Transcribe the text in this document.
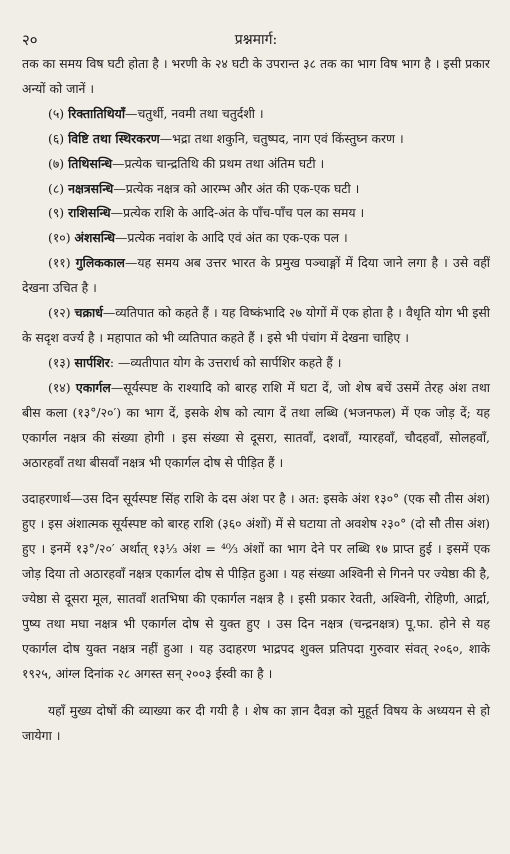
२०	प्रश्नमार्ग:

तक का समय विष घटी होता है । भरणी के २४ घटी के उपरान्त ३८ तक का भाग विष भाग है । इसी प्रकार अन्यों को जानें ।

(५) रिक्तातिथियाँ—चतुर्थी, नवमी तथा चतुर्दशी ।

(६) विष्टि तथा स्थिरकरण—भद्रा तथा शकुनि, चतुष्पद, नाग एवं किंस्तुघ्न करण ।

(७) तिथिसन्धि—प्रत्येक चान्द्रतिथि की प्रथम तथा अंतिम घटी ।

(८) नक्षत्रसन्धि—प्रत्येक नक्षत्र को आरम्भ और अंत की एक-एक घटी ।

(९) राशिसन्धि—प्रत्येक राशि के आदि-अंत के पाँच-पाँच पल का समय ।

(१०) अंशसन्धि—प्रत्येक नवांश के आदि एवं अंत का एक-एक पल ।

(११) गुलिककाल—यह समय अब उत्तर भारत के प्रमुख पञ्चाङ्गों में दिया जाने लगा है । उसे वहीं देखना उचित है ।

(१२) चक्रार्ध—व्यतिपात को कहते हैं । यह विष्कंभादि २७ योगों में एक होता है । वैधृति योग भी इसी के सदृश वर्ज्य है । महापात को भी व्यतिपात कहते हैं । इसे भी पंचांग में देखना चाहिए ।

(१३) सार्पशिर: —व्यतीपात योग के उत्तरार्ध को सार्पशिर कहते हैं ।

(१४) एकार्गल—सूर्यस्पष्ट के राश्यादि को बारह राशि में घटा दें, जो शेष बचें उसमें तेरह अंश तथा बीस कला (१३°/२०′) का भाग दें, इसके शेष को त्याग दें तथा लब्धि (भजनफल) में एक जोड़ दें; यह एकार्गल नक्षत्र की संख्या होगी । इस संख्या से दूसरा, सातवाँ, दशवाँ, ग्यारहवाँ, चौदहवाँ, सोलहवाँ, अठारहवाँ तथा बीसवाँ नक्षत्र भी एकार्गल दोष से पीड़ित हैं ।

उदाहरणार्थ—उस दिन सूर्यस्पष्ट सिंह राशि के दस अंश पर है । अत: इसके अंश १३०° (एक सौ तीस अंश) हुए । इस अंशात्मक सूर्यस्पष्ट को बारह राशि (३६० अंशों) में से घटाया तो अवशेष २३०° (दो सौ तीस अंश) हुए । इनमें १३°/२०′ अर्थात् १३⅓ अंश = ⁴⁰⁄₃ अंशों का भाग देने पर लब्धि १७ प्राप्त हुई । इसमें एक जोड़ दिया तो अठारहवाँ नक्षत्र एकार्गल दोष से पीड़ित हुआ । यह संख्या अश्विनी से गिनने पर ज्येष्ठा की है, ज्येष्ठा से दूसरा मूल, सातवाँ शतभिषा की एकार्गल नक्षत्र है । इसी प्रकार रेवती, अश्विनी, रोहिणी, आर्द्रा, पुष्य तथा मघा नक्षत्र भी एकार्गल दोष से युक्त हुए । उस दिन नक्षत्र (चन्द्रनक्षत्र) पू.फा. होने से यह एकार्गल दोष युक्त नक्षत्र नहीं हुआ । यह उदाहरण भाद्रपद शुक्ल प्रतिपदा गुरुवार संवत् २०६०, शाके १९२५, आंग्ल दिनांक २८ अगस्त सन् २००३ ईस्वी का है ।

यहाँ मुख्य दोषों की व्याख्या कर दी गयी है । शेष का ज्ञान दैवज्ञ को मुहूर्त विषय के अध्ययन से हो जायेगा ।
